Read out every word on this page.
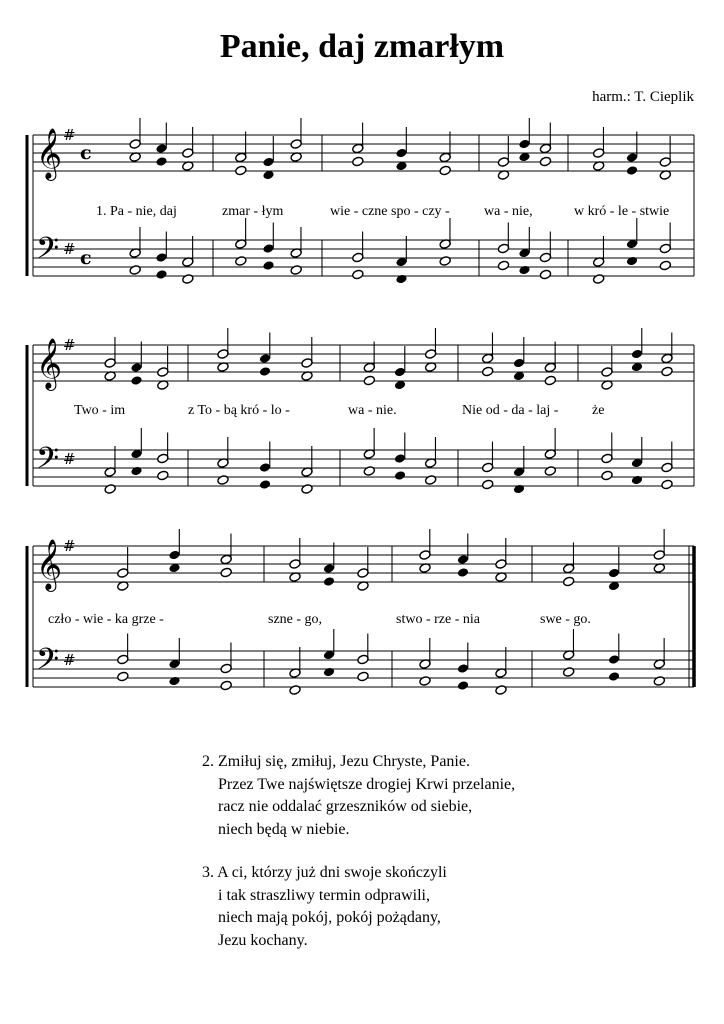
Panie, daj zmarłym
harm.: T. Cieplik
𝄞
𝄢
#
#
c
c
𝄞
𝄢
#
#
𝄞
𝄢
#
#
1. Pa - nie, daj	zmar - łym	wie - czne spo - czy - wa - nie,	w kró - le - stwie
Two - im	z To - bą kró - lo -	wa - nie.	Nie od - da - laj - że
czło - wie - ka grze -	szne - go,	stwo - rze - nia	swe - go.
2. Zmiłuj się, zmiłuj, Jezu Chryste, Panie.
Przez Twe najświętsze drogiej Krwi przelanie,
racz nie oddalać grzeszników od siebie,
niech będą w niebie.
3. A ci, którzy już dni swoje skończyli
i tak straszliwy termin odprawili,
niech mają pokój, pokój pożądany,
Jezu kochany.
